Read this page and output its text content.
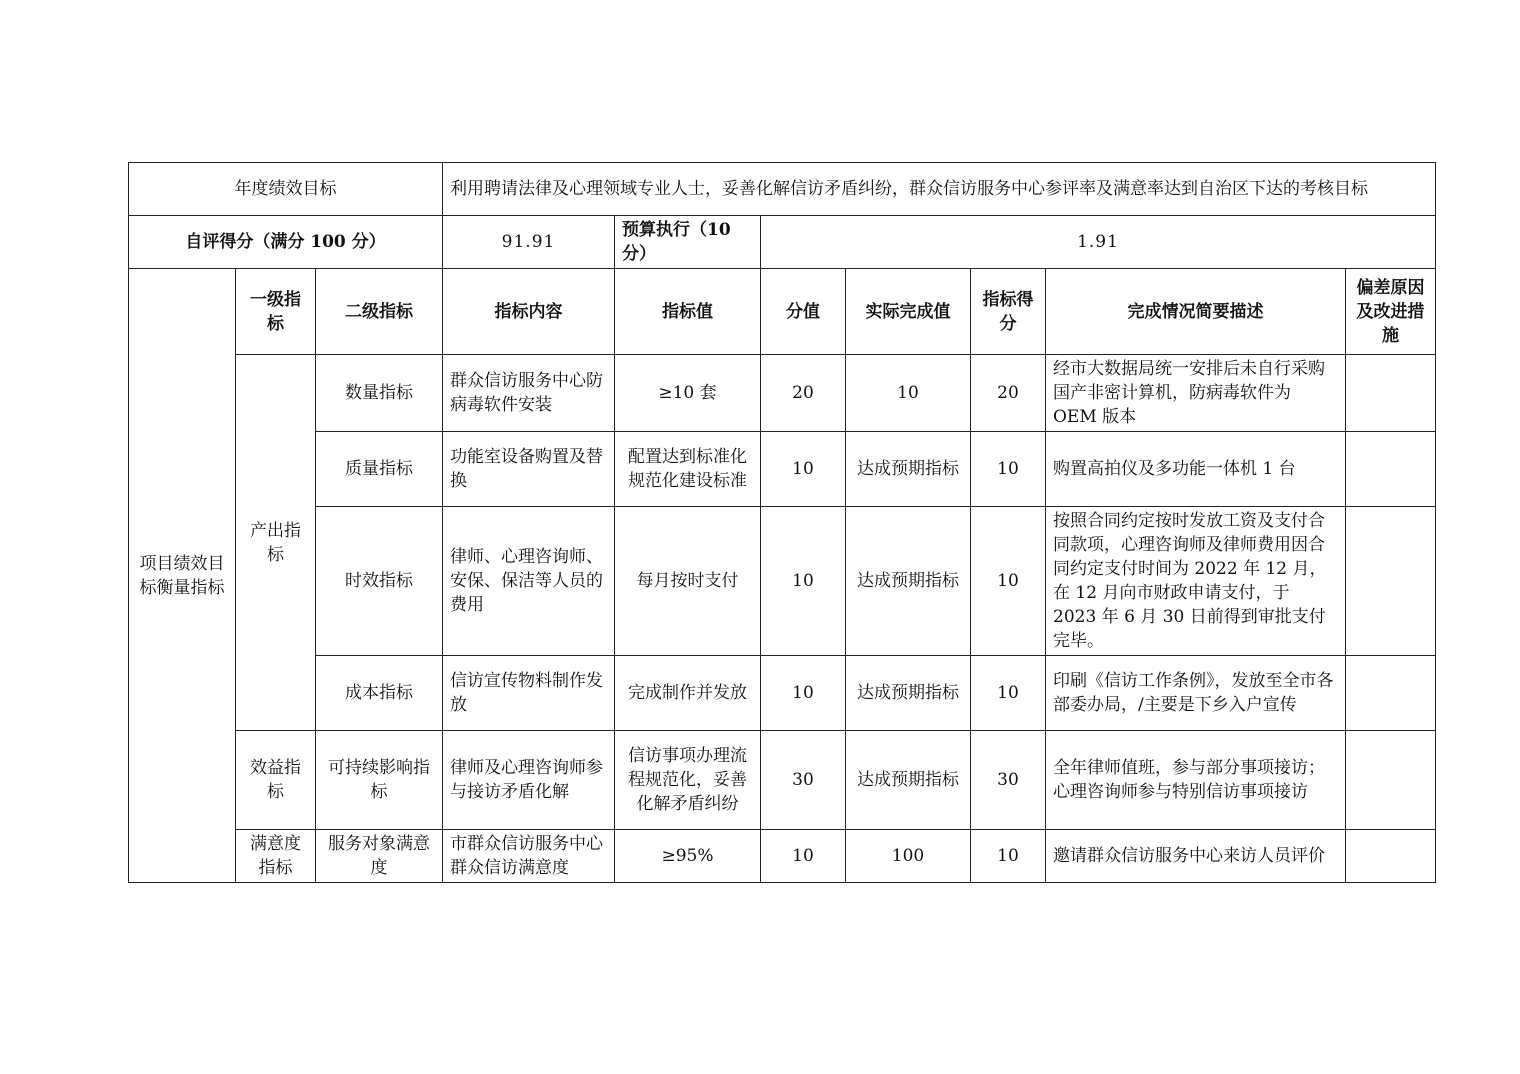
年度绩效目标			利用聘请法律及心理领域专业人士，妥善化解信访矛盾纠纷，群众信访服务中心参评率及满意率达到自治区下达的考核目标						
自评得分（满分 100 分）			91.91	预算执行（10 分）	1.91				
项目绩效目标衡量指标	一级指标	二级指标	指标内容	指标值	分值	实际完成值	指标得分	完成情况简要描述	偏差原因及改进措施
	产出指标	数量指标	群众信访服务中心防病毒软件安装	≥10 套	20	10	20	经市大数据局统一安排后未自行采购国产非密计算机，防病毒软件为 OEM 版本	
		质量指标	功能室设备购置及替换	配置达到标准化规范化建设标准	10	达成预期指标	10	购置高拍仪及多功能一体机 1 台	
		时效指标	律师、心理咨询师、安保、保洁等人员的费用	每月按时支付	10	达成预期指标	10	按照合同约定按时发放工资及支付合同款项，心理咨询师及律师费用因合同约定支付时间为 2022 年 12 月，在 12 月向市财政申请支付，于 2023 年 6 月 30 日前得到审批支付完毕。	
		成本指标	信访宣传物料制作发放	完成制作并发放	10	达成预期指标	10	印刷《信访工作条例》，发放至全市各部委办局，/主要是下乡入户宣传	
	效益指标	可持续影响指标	律师及心理咨询师参与接访矛盾化解	信访事项办理流程规范化，妥善化解矛盾纠纷	30	达成预期指标	30	全年律师值班，参与部分事项接访；心理咨询师参与特别信访事项接访	
	满意度指标	服务对象满意度	市群众信访服务中心群众信访满意度	≥95%	10	100	10	邀请群众信访服务中心来访人员评价	
